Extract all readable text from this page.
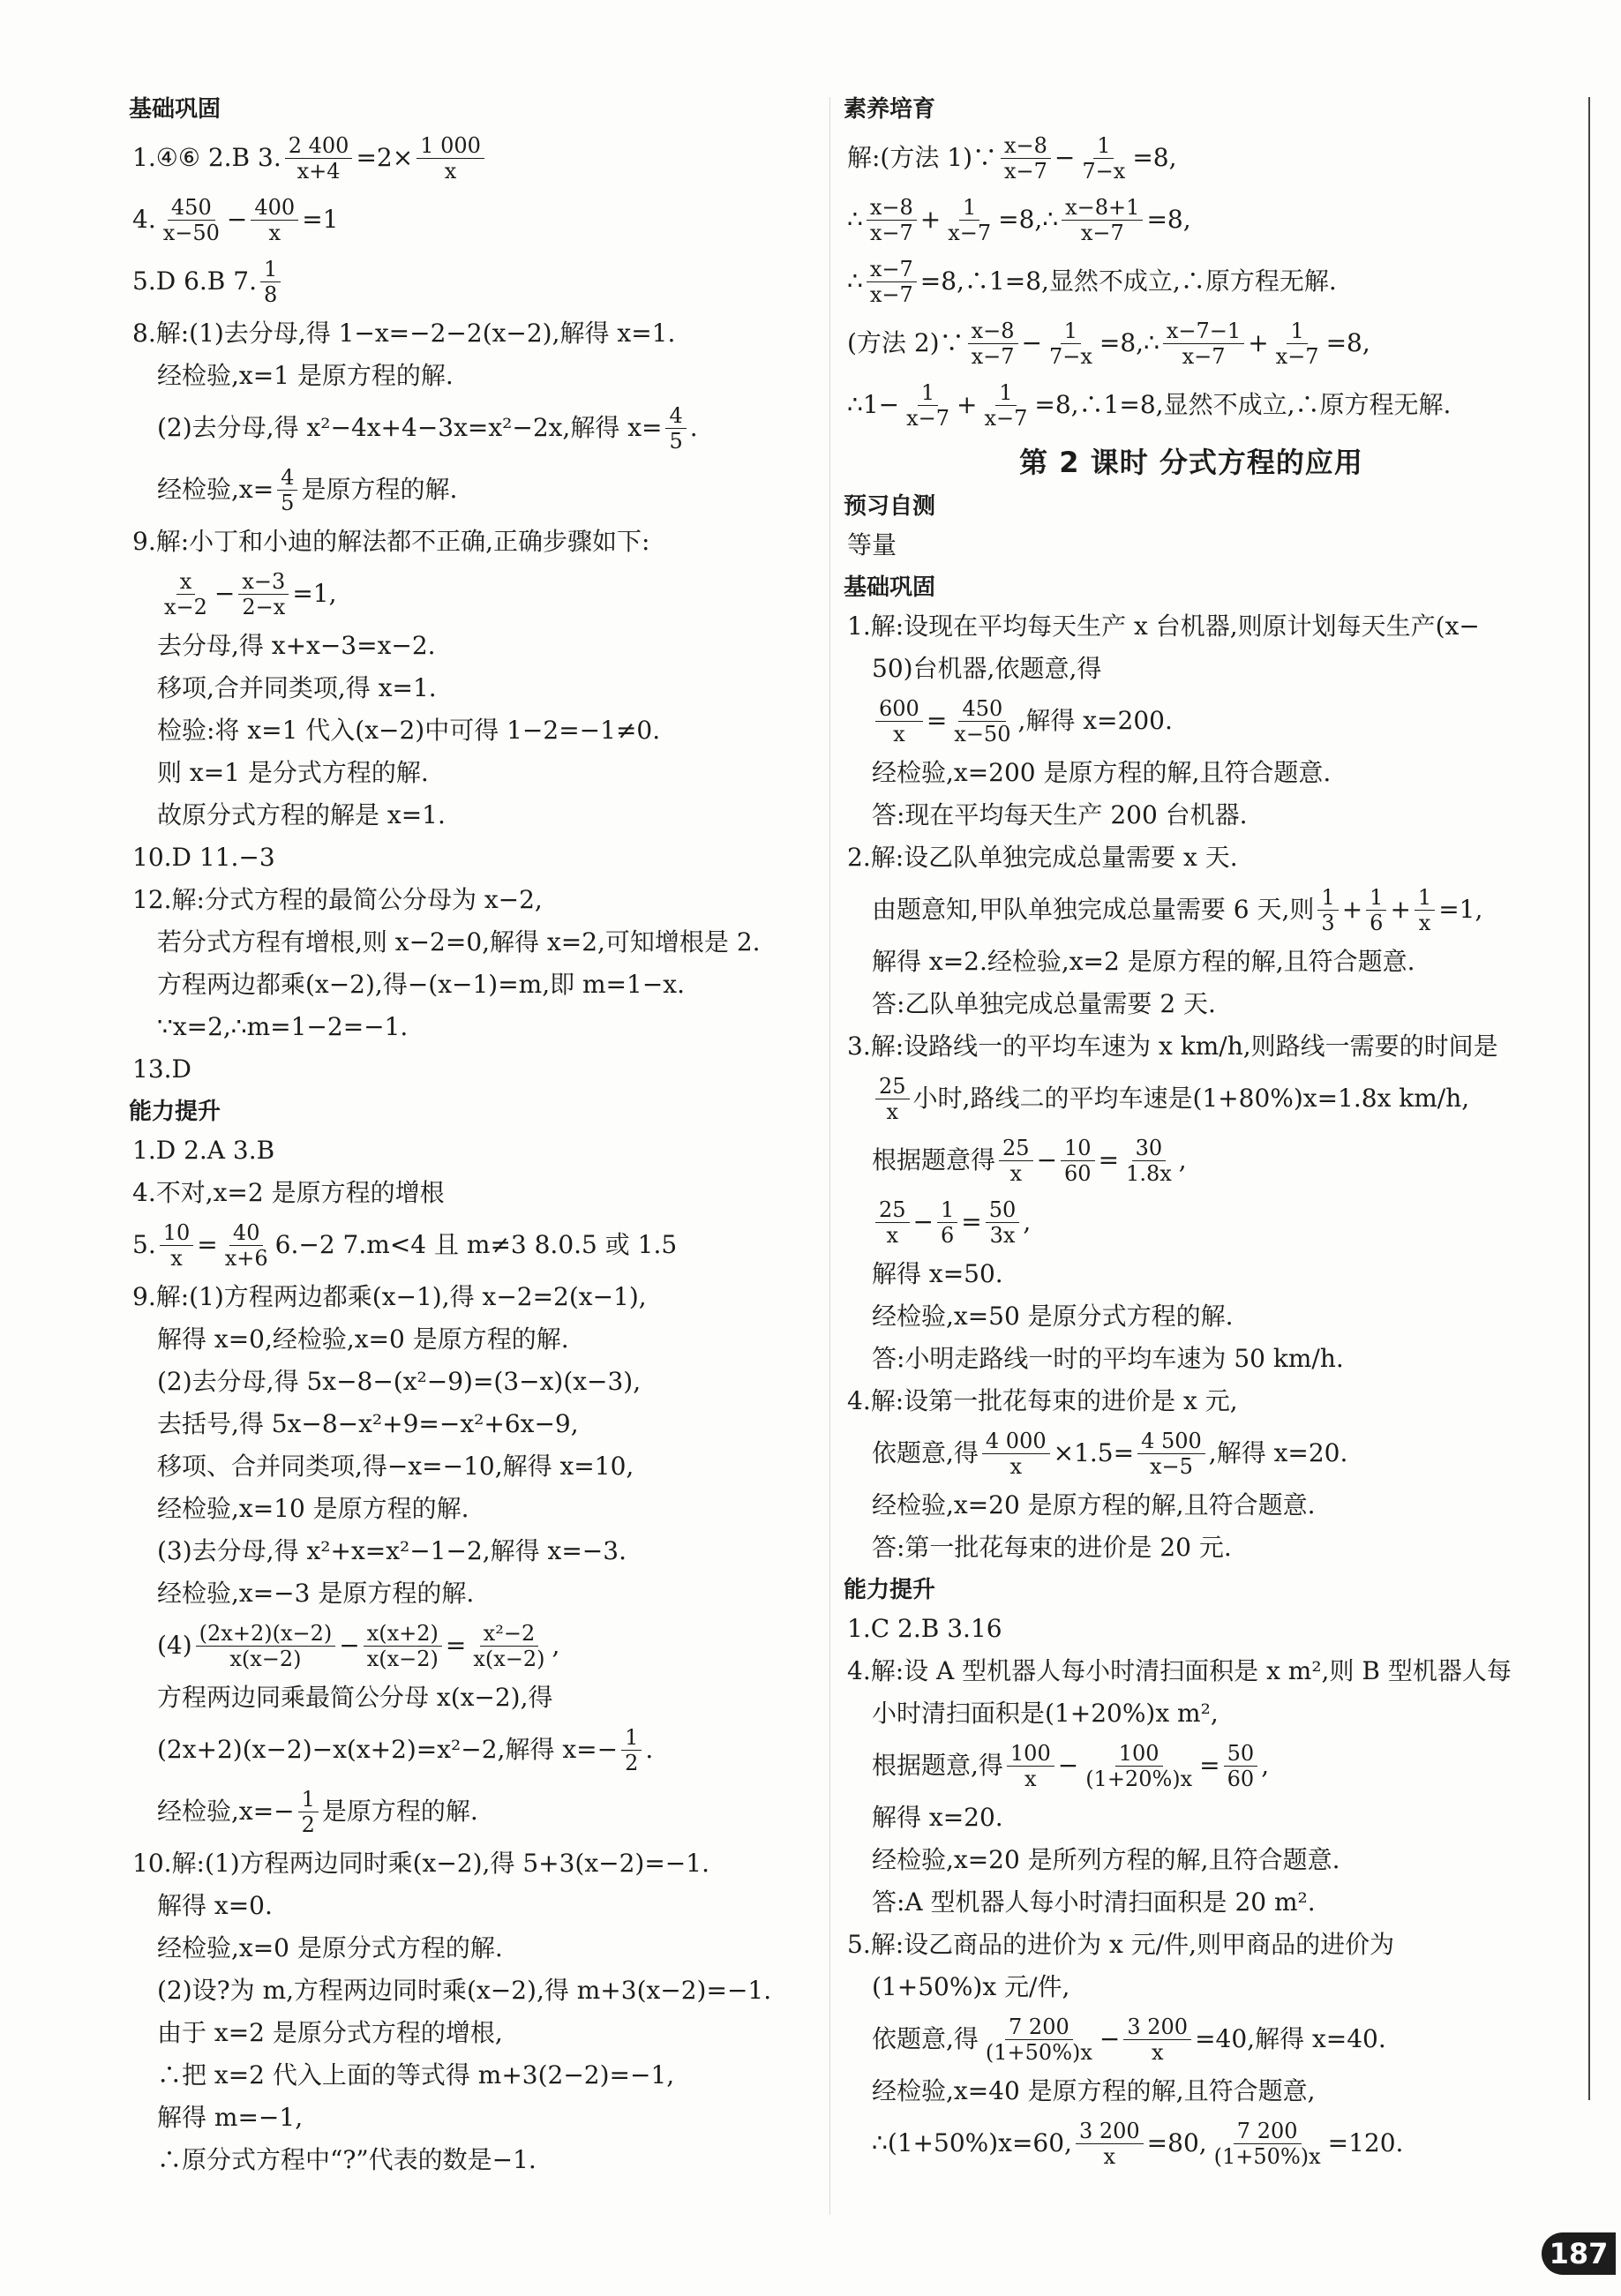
基础巩固
1.④⑥ 2.B 3. $\frac{2 400}{x+4} =2\times \frac{1 000}{x}$
4. $\frac{450}{x-50} - \frac{400}{x} =1$
5.D 6.B 7. $\frac{1}{8}$
8.解:(1)去分母,得 1−x=−2−2(x−2),解得 x=1.
经检验,x=1 是原方程的解.
(2)去分母,得 x²−4x+4−3x=x²−2x,解得 $x= \frac{4}{5}$ .
经检验$,x= \frac{4}{5}$ 是原方程的解.
9.解:小丁和小迪的解法都不正确,正确步骤如下:
$\frac{x}{x-2} - \frac{x-3}{2-x} =1$,
去分母,得 x+x−3=x−2.
移项,合并同类项,得 x=1.
检验:将 x=1 代入(x−2)中可得 1−2=−1≠0.
则 x=1 是分式方程的解.
故原分式方程的解是 x=1.
10.D 11.−3
12.解:分式方程的最简公分母为 x−2,
若分式方程有增根,则 x−2=0,解得 x=2,可知增根是 2.
方程两边都乘(x−2),得−(x−1)=m,即 m=1−x.
∵x=2,∴m=1−2=−1.
13.D
能力提升
1.D 2.A 3.B
4.不对,x=2 是原方程的增根
5. $\frac{10}{x} = \frac{40}{x+6} 6.-2$ 7.m<4 且 m≠3 8.0.5 或 1.5
9.解:(1)方程两边都乘(x−1),得 x−2=2(x−1),
解得 x=0,经检验,x=0 是原方程的解.
(2)去分母,得 5x−8−(x²−9)=(3−x)(x−3),
去括号,得 5x−8−x²+9=−x²+6x−9,
移项、合并同类项,得−x=−10,解得 x=10,
经检验,x=10 是原方程的解.
(3)去分母,得 x²+x=x²−1−2,解得 x=−3.
经检验,x=−3 是原方程的解.
$(4) \frac{(2x+2)(x-2)}{x(x-2)} - \frac{x(x+2)}{x(x-2)} = \frac{\text{x²−2}}{x(x-2)}$ ,
方程两边同乘最简公分母 x(x−2),得
(2x+2)(x−2)−x(x+2)=x²−2,解得 $x=- \frac{1}{2}$ .
经检验$,x=- \frac{1}{2}$ 是原方程的解.
10.解:(1)方程两边同时乘(x−2),得 5+3(x−2)=−1.
解得 x=0.
经检验,x=0 是原分式方程的解.
(2)设?为 m,方程两边同时乘(x−2),得 m+3(x−2)=−1.
由于 x=2 是原分式方程的增根,
∴把 x=2 代入上面的等式得 m+3(2−2)=−1,
解得 m=−1,
∴原分式方程中“?”代表的数是−1.
素养培育
解:(方法 1)∵ $\frac{x-8}{x-7} - \frac{1}{7-x} =8$,
∴ $\frac{x-8}{x-7} + \frac{1}{x-7}$ =8,∴ $\frac{x-8+1}{x-7} =8$,
∴ $\frac{x-7}{x-7}$ =8,∴1=8,显然不成立,∴原方程无解.
(方法 2)∵ $\frac{x-8}{x-7} - \frac{1}{7-x}$ =8,∴ $\frac{x-7-1}{x-7} + \frac{1}{x-7} =8$,
∴1− $\frac{1}{x-7} + \frac{1}{x-7}$ =8,∴1=8,显然不成立,∴原方程无解.
第 2 课时 分式方程的应用
预习自测
等量
基础巩固
1.解:设现在平均每天生产 x 台机器,则原计划每天生产(x−
50)台机器,依题意,得
$\frac{600}{x} = \frac{450}{x-50}$ ,解得 x=200.
经检验,x=200 是原方程的解,且符合题意.
答:现在平均每天生产 200 台机器.
2.解:设乙队单独完成总量需要 x 天.
由题意知,甲队单独完成总量需要 6 天,则 $\frac{1}{3} + \frac{1}{6} + \frac{1}{x} =1$,
解得 x=2.经检验,x=2 是原方程的解,且符合题意.
答:乙队单独完成总量需要 2 天.
3.解:设路线一的平均车速为 x km/h,则路线一需要的时间是
$\frac{25}{x}$ 小时,路线二的平均车速是(1+80%)x=1.8x km/h,
根据题意得 $\frac{25}{x} - \frac{10}{60} = \frac{30}{1.8x}$ ,
$\frac{25}{x} - \frac{1}{6} = \frac{50}{3x}$ ,
解得 x=50.
经检验,x=50 是原分式方程的解.
答:小明走路线一时的平均车速为 50 km/h.
4.解:设第一批花每束的进价是 x 元,
依题意,得 $\frac{4 000}{x} \times 1.5= \frac{4 500}{x-5}$ ,解得 x=20.
经检验,x=20 是原方程的解,且符合题意.
答:第一批花每束的进价是 20 元.
能力提升
1.C 2.B 3.16
4.解:设 A 型机器人每小时清扫面积是 x m²,则 B 型机器人每
小时清扫面积是(1+20%)x m²,
根据题意,得 $\frac{100}{x} - \frac{100}{(1+20\%)x} = \frac{50}{60}$ ,
解得 x=20.
经检验,x=20 是所列方程的解,且符合题意.
答:A 型机器人每小时清扫面积是 20 m².
5.解:设乙商品的进价为 x 元/件,则甲商品的进价为
(1+50%)x 元/件,
依题意,得 $\frac{7 200}{(1+50\%)x} - \frac{3 200}{x} =40$,解得 x=40.
经检验,x=40 是原方程的解,且符合题意,
∴(1+50%)x=60, $\frac{3 200}{x} =80$, $\frac{7 200}{(1+50\%)x} =120$.
187
